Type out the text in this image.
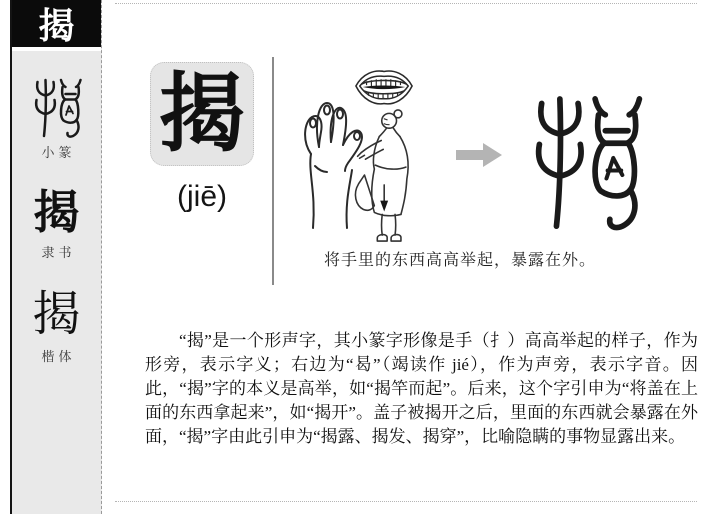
揭
小篆
揭
隶书
揭
楷体
揭
(jiē)
将手里的东西高高举起，暴露在外。
“揭”是一个形声字，其小篆字形像是手（扌）高高举起的样子，作为形旁，表示字义；右边为“曷”（竭读作 jié），作为声旁，表示字音。因此，“揭”字的本义是高举，如“揭竿而起”。后来，这个字引申为“将盖在上面的东西拿起来”，如“揭开”。盖子被揭开之后，里面的东西就会暴露在外面，“揭”字由此引申为“揭露、揭发、揭穿”，比喻隐瞒的事物显露出来。
